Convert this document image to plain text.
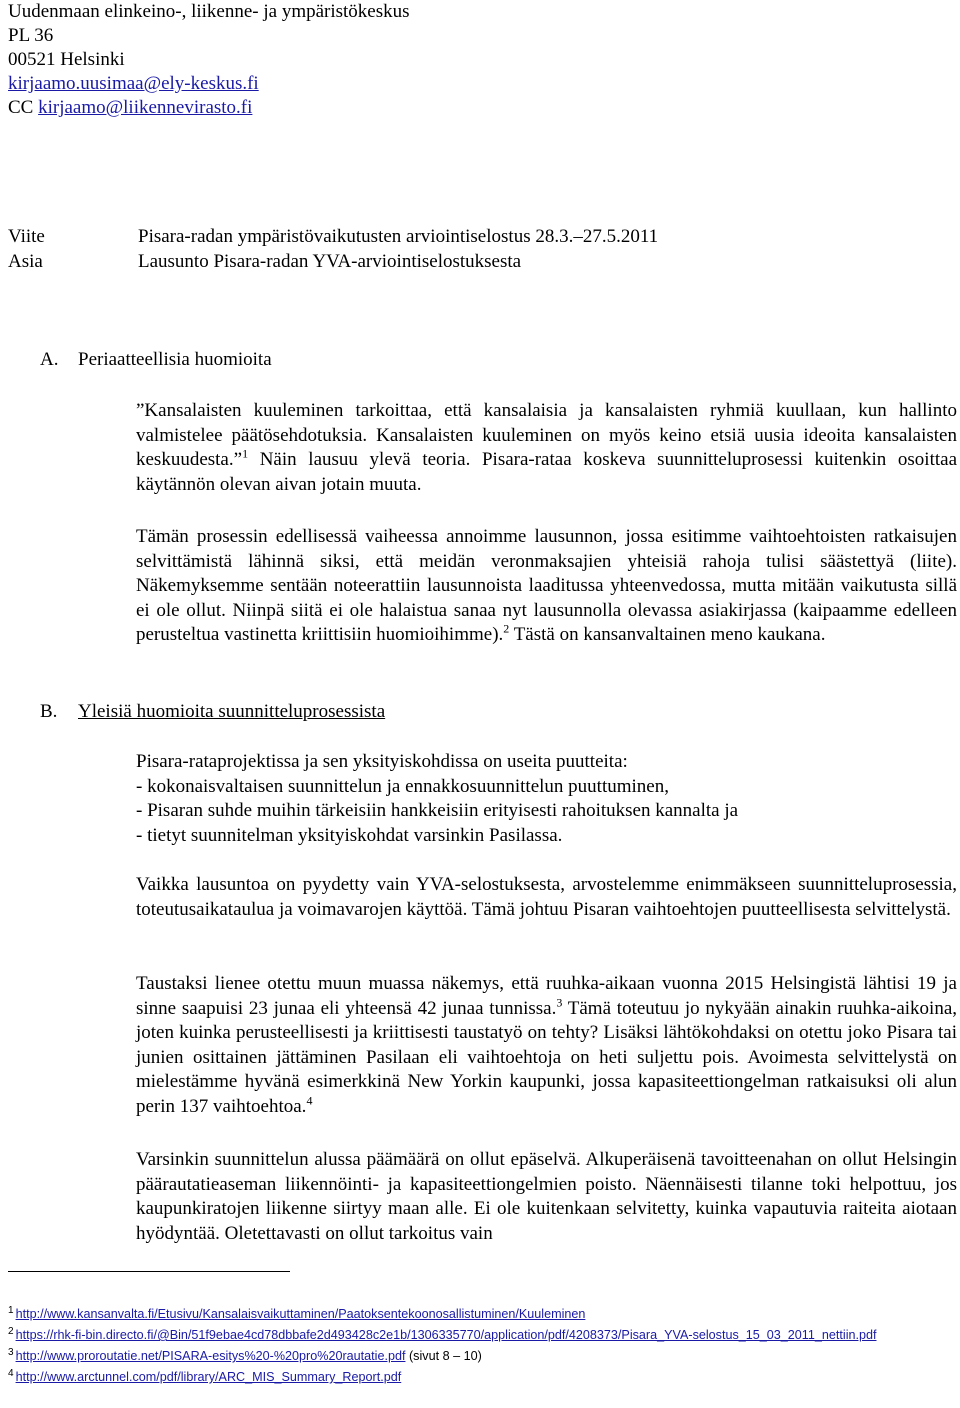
Uudenmaan elinkeino-, liikenne- ja ympäristökeskus
PL 36
00521 Helsinki
kirjaamo.uusimaa@ely-keskus.fi
CC kirjaamo@liikennevirasto.fi
Viite	Pisara-radan ympäristövaikutusten arviointiselostus 28.3.–27.5.2011
Asia	Lausunto Pisara-radan YVA-arviointiselostuksesta
A.	Periaatteellisia huomioita

”Kansalaisten kuuleminen tarkoittaa, että kansalaisia ja kansalaisten ryhmiä kuullaan, kun hallinto valmistelee päätösehdotuksia. Kansalaisten kuuleminen on myös keino etsiä uusia ideoita kansalaisten keskuudesta.”$^1$ Näin lausuu ylevä teoria. Pisara-rataa koskeva suunnitteluprosessi kuitenkin osoittaa käytännön olevan aivan jotain muuta.

Tämän prosessin edellisessä vaiheessa annoimme lausunnon, jossa esitimme vaihtoehtoisten ratkaisujen selvittämistä lähinnä siksi, että meidän veronmaksajien yhteisiä rahoja tulisi säästettyä (liite). Näkemyksemme sentään noteerattiin lausunnoista laaditussa yhteenvedossa, mutta mitään vaikutusta sillä ei ole ollut. Niinpä siitä ei ole halaistua sanaa nyt lausunnolla olevassa asiakirjassa (kaipaamme edelleen perusteltua vastinetta kriittisiin huomioihimme).$^2$ Tästä on kansanvaltainen meno kaukana.

B.	Yleisiä huomioita suunnitteluprosessista
Pisara-rataprojektissa ja sen yksityiskohdissa on useita puutteita:
- kokonaisvaltaisen suunnittelun ja ennakkosuunnittelun puuttuminen,
- Pisaran suhde muihin tärkeisiin hankkeisiin erityisesti rahoituksen kannalta ja
- tietyt suunnitelman yksityiskohdat varsinkin Pasilassa.

Vaikka lausuntoa on pyydetty vain YVA-selostuksesta, arvostelemme enimmäkseen suunnitteluprosessia, toteutusaikataulua ja voimavarojen käyttöä. Tämä johtuu Pisaran vaihtoehtojen puutteellisesta selvittelystä.

Taustaksi lienee otettu muun muassa näkemys, että ruuhka-aikaan vuonna 2015 Helsingistä lähtisi 19 ja sinne saapuisi 23 junaa eli yhteensä 42 junaa tunnissa.$^3$ Tämä toteutuu jo nykyään ainakin ruuhka-aikoina, joten kuinka perusteellisesti ja kriittisesti taustatyö on tehty? Lisäksi lähtökohdaksi on otettu joko Pisara tai junien osittainen jättäminen Pasilaan eli vaihtoehtoja on heti suljettu pois. Avoimesta selvittelystä on mielestämme hyvänä esimerkkinä New Yorkin kaupunki, jossa kapasiteettiongelman ratkaisuksi oli alun perin 137 vaihtoehtoa.$^4$

Varsinkin suunnittelun alussa päämäärä on ollut epäselvä. Alkuperäisenä tavoitteenahan on ollut Helsingin päärautatieaseman liikennöinti- ja kapasiteettiongelmien poisto. Näennäisesti tilanne toki helpottuu, jos kaupunkiratojen liikenne siirtyy maan alle. Ei ole kuitenkaan selvitetty, kuinka vapautuvia raiteita aiotaan hyödyntää. Oletettavasti on ollut tarkoitus vain

$^1$ http://www.kansanvalta.fi/Etusivu/Kansalaisvaikuttaminen/Paatoksentekoonosallistuminen/Kuuleminen
$^2$ https://rhk-fi-bin.directo.fi/@Bin/51f9ebae4cd78dbbafe2d493428c2e1b/1306335770/application/pdf/4208373/Pisara_YVA-selostus_15_03_2011_nettiin.pdf
$^3$ http://www.proroutatie.net/PISARA-esitys%20-%20pro%20rautatie.pdf (sivut 8 – 10)
$^4$ http://www.arctunnel.com/pdf/library/ARC_MIS_Summary_Report.pdf
